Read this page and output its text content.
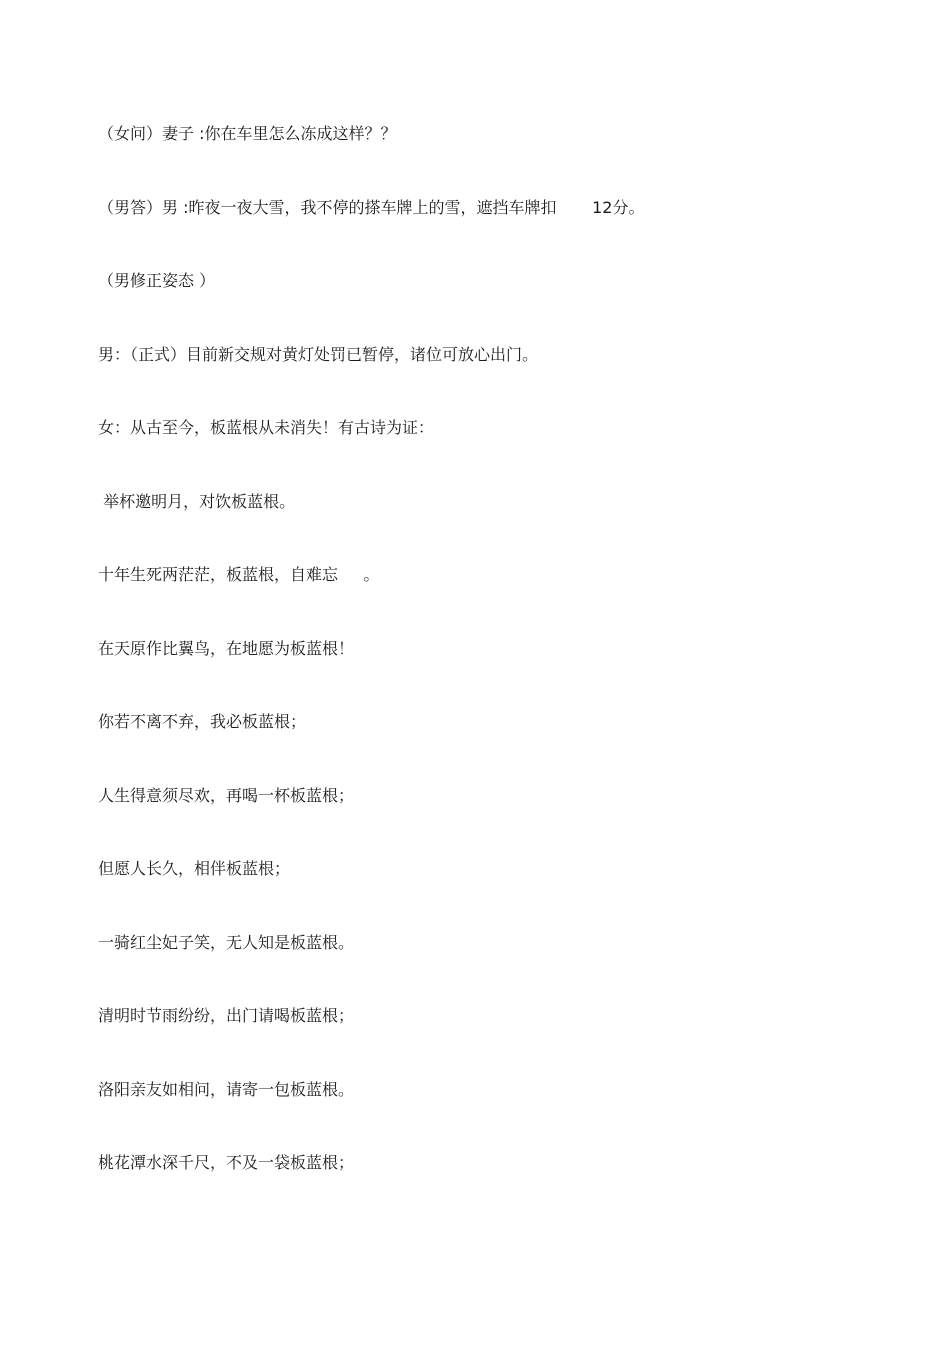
（女问）妻子 :你在车里怎么冻成这样？？
（男答）男 :昨夜一夜大雪，我不停的搽车牌上的雪，遮挡车牌扣       12分。
（男修正姿态 ）
男：（正式）目前新交规对黄灯处罚已暂停，诸位可放心出门。
女：从古至今，板蓝根从未消失！有古诗为证：
举杯邀明月，对饮板蓝根。
十年生死两茫茫，板蓝根，自难忘     。
在天原作比翼鸟，在地愿为板蓝根！
你若不离不弃，我必板蓝根；
人生得意须尽欢，再喝一杯板蓝根；
但愿人长久，相伴板蓝根；
一骑红尘妃子笑，无人知是板蓝根。
清明时节雨纷纷，出门请喝板蓝根；
洛阳亲友如相问，请寄一包板蓝根。
桃花潭水深千尺，不及一袋板蓝根；
